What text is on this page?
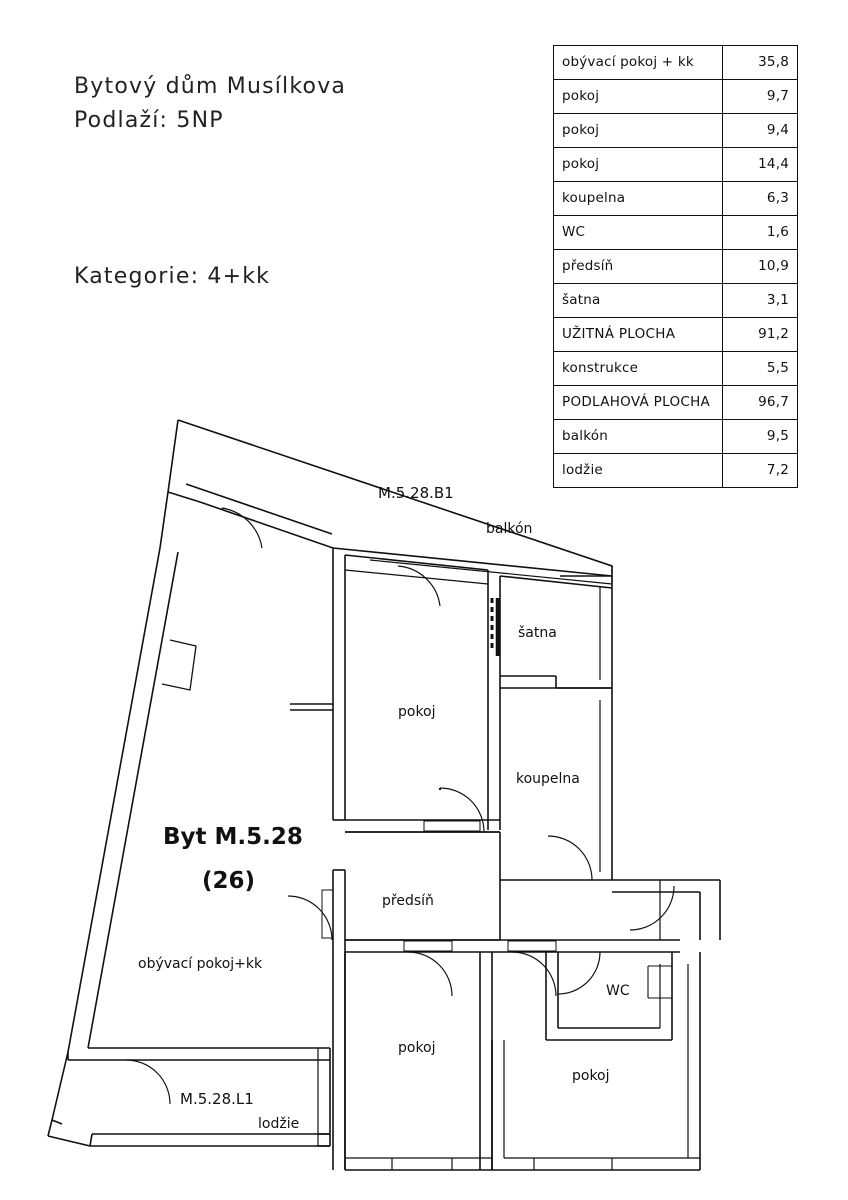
Bytový dům Musílkova
Podlaží: 5NP
Kategorie: 4+kk
obývací pokoj + kk	35,8
pokoj	9,7
pokoj	9,4
pokoj	14,4
koupelna	6,3
WC	1,6
předsíň	10,9
šatna	3,1
UŽITNÁ PLOCHA	91,2
konstrukce	5,5
PODLAHOVÁ PLOCHA	96,7
balkón	9,5
lodžie	7,2
M.5.28.B1
balkón
šatna
koupelna
pokoj
předsíň
Byt M.5.28
(26)
obývací pokoj+kk
WC
pokoj
pokoj
M.5.28.L1
lodžie
